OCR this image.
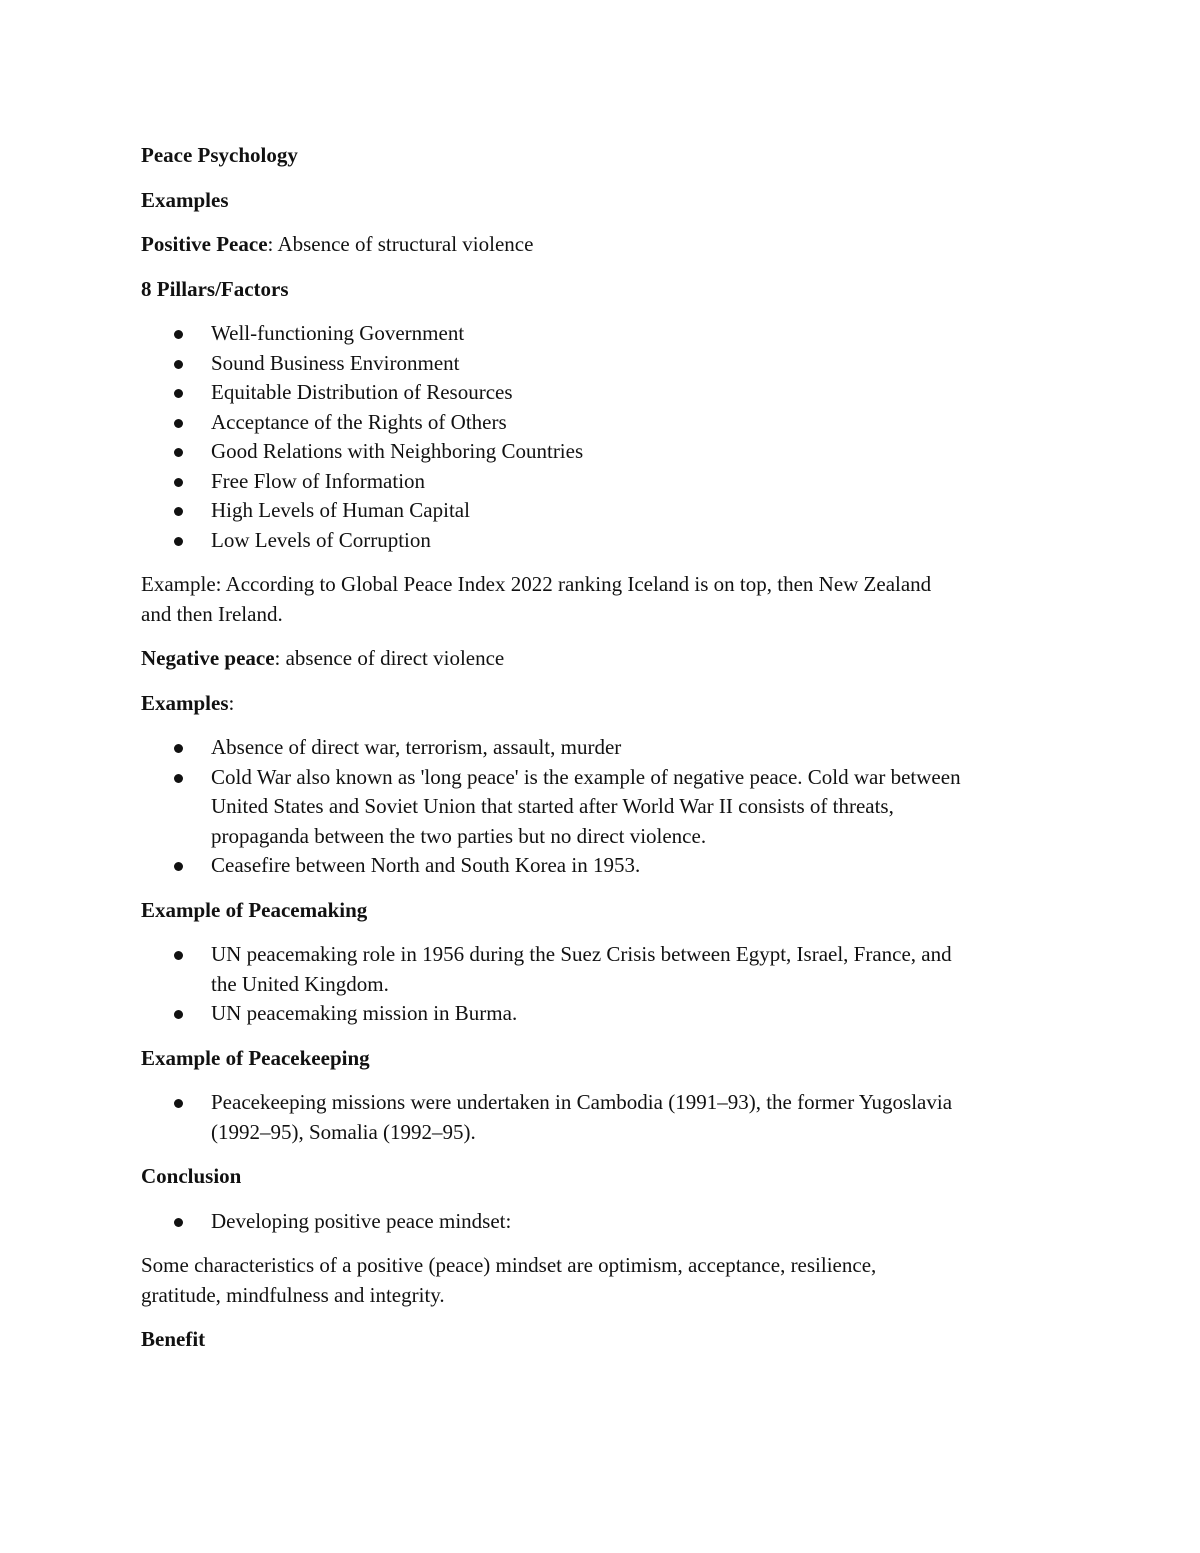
Peace Psychology

Examples

Positive Peace: Absence of structural violence

8 Pillars/Factors

Well-functioning Government
Sound Business Environment
Equitable Distribution of Resources
Acceptance of the Rights of Others
Good Relations with Neighboring Countries
Free Flow of Information
High Levels of Human Capital
Low Levels of Corruption

Example: According to Global Peace Index 2022 ranking Iceland is on top, then New Zealand
and then Ireland.

Negative peace: absence of direct violence

Examples:

Absence of direct war, terrorism, assault, murder
Cold War also known as 'long peace' is the example of negative peace. Cold war between
United States and Soviet Union that started after World War II consists of threats,
propaganda between the two parties but no direct violence.
Ceasefire between North and South Korea in 1953.

Example of Peacemaking

UN peacemaking role in 1956 during the Suez Crisis between Egypt, Israel, France, and
the United Kingdom.
UN peacemaking mission in Burma.

Example of Peacekeeping

Peacekeeping missions were undertaken in Cambodia (1991–93), the former Yugoslavia
(1992–95), Somalia (1992–95).

Conclusion

Developing positive peace mindset:

Some characteristics of a positive (peace) mindset are optimism, acceptance, resilience,
gratitude, mindfulness and integrity.

Benefit
